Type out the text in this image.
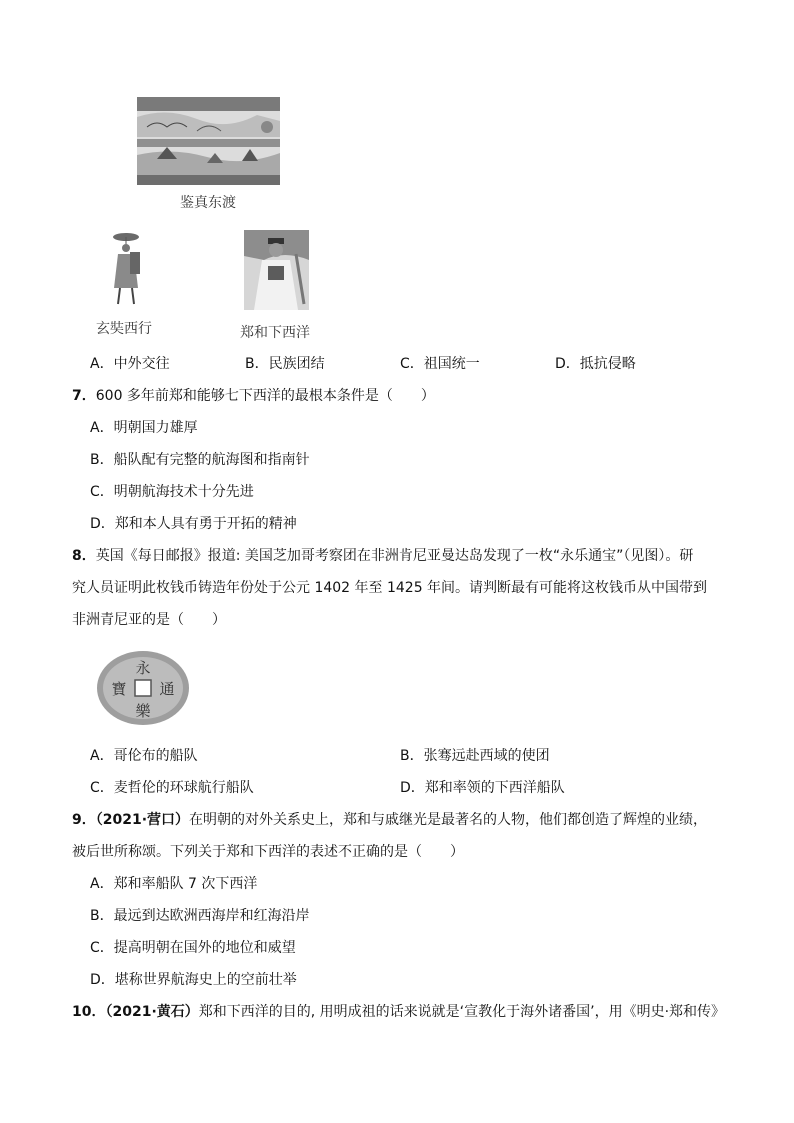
鉴真东渡
玄奘西行	郑和下西洋
A．中外交往	B．民族团结	C．祖国统一	D．抵抗侵略
7．600 多年前郑和能够七下西洋的最根本条件是（　　）
A．明朝国力雄厚
B．船队配有完整的航海图和指南针
C．明朝航海技术十分先进
D．郑和本人具有勇于开拓的精神
8．英国《每日邮报》报道: 美国芝加哥考察团在非洲肯尼亚曼达岛发现了一枚“永乐通宝”（见图）。研
究人员证明此枚钱币铸造年份处于公元 1402 年至 1425 年间。请判断最有可能将这枚钱币从中国带到
非洲青尼亚的是（　　）
永
通
樂
寶
A．哥伦布的船队	B．张骞远赴西域的使团
C．麦哲伦的环球航行船队	D．郑和率领的下西洋船队
9．（2021·营口）在明朝的对外关系史上，郑和与戚继光是最著名的人物，他们都创造了辉煌的业绩，
被后世所称颂。下列关于郑和下西洋的表述不正确的是（　　）
A．郑和率船队 7 次下西洋
B．最远到达欧洲西海岸和红海沿岸
C．提高明朝在国外的地位和威望
D．堪称世界航海史上的空前壮举
10．（2021·黄石）郑和下西洋的目的, 用明成祖的话来说就是‘宣教化于海外诸番国’，用《明史·郑和传》
